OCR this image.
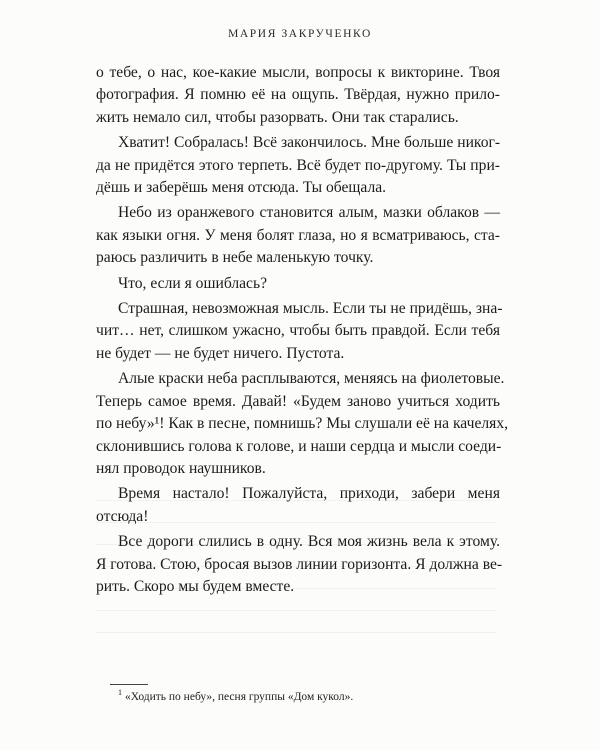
МАРИЯ ЗАКРУЧЕНКО

о тебе, о нас, кое-какие мысли, вопросы к викторине. Твоя
фотография. Я помню её на ощупь. Твёрдая, нужно прило-
жить немало сил, чтобы разорвать. Они так старались.

Хватит! Собралась! Всё закончилось. Мне больше никог-
да не придётся этого терпеть. Всё будет по-другому. Ты при-
дёшь и заберёшь меня отсюда. Ты обещала.

Небо из оранжевого становится алым, мазки облаков —
как языки огня. У меня болят глаза, но я всматриваюсь, ста-
раюсь различить в небе маленькую точку.

Что, если я ошиблась?

Страшная, невозможная мысль. Если ты не придёшь, зна-
чит… нет, слишком ужасно, чтобы быть правдой. Если тебя
не будет — не будет ничего. Пустота.

Алые краски неба расплываются, меняясь на фиолетовые.
Теперь самое время. Давай! «Будем заново учиться ходить
по небу»¹! Как в песне, помнишь? Мы слушали её на качелях,
склонившись голова к голове, и наши сердца и мысли соеди-
нял проводок наушников.

Время настало! Пожалуйста, приходи, забери меня
отсюда!

Все дороги слились в одну. Вся моя жизнь вела к этому.
Я готова. Стою, бросая вызов линии горизонта. Я должна ве-
рить. Скоро мы будем вместе.

$^1$ «Ходить по небу», песня группы «Дом кукол».
